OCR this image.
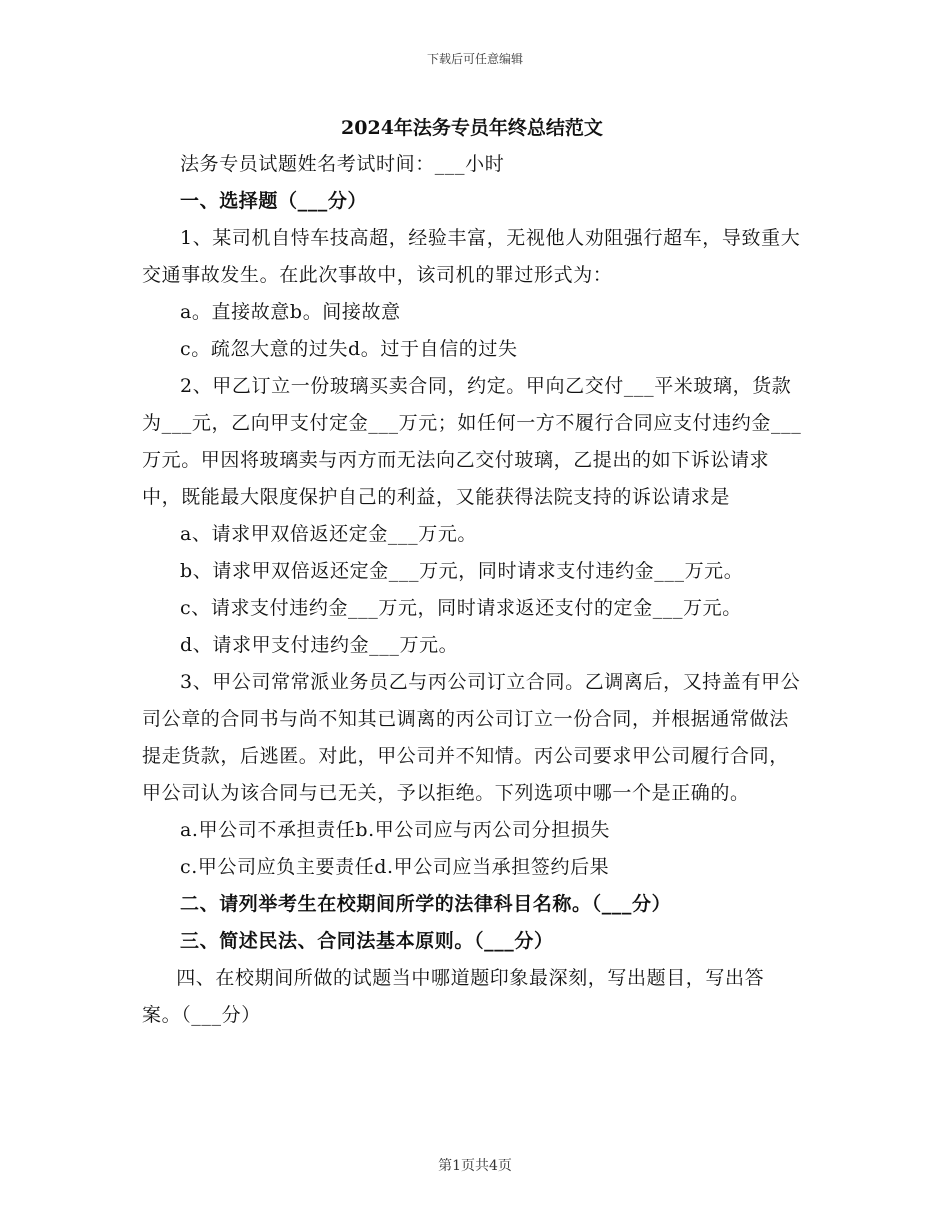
下载后可任意编辑
2024年法务专员年终总结范文

法务专员试题姓名考试时间：___小时

一、选择题（___分）

1、某司机自恃车技高超，经验丰富，无视他人劝阻强行超车，导致重大交通事故发生。在此次事故中，该司机的罪过形式为：

a。直接故意b。间接故意

c。疏忽大意的过失d。过于自信的过失

2、甲乙订立一份玻璃买卖合同，约定。甲向乙交付___平米玻璃，货款为___元，乙向甲支付定金___万元；如任何一方不履行合同应支付违约金___万元。甲因将玻璃卖与丙方而无法向乙交付玻璃，乙提出的如下诉讼请求中，既能最大限度保护自己的利益，又能获得法院支持的诉讼请求是

a、请求甲双倍返还定金___万元。

b、请求甲双倍返还定金___万元，同时请求支付违约金___万元。

c、请求支付违约金___万元，同时请求返还支付的定金___万元。

d、请求甲支付违约金___万元。

3、甲公司常常派业务员乙与丙公司订立合同。乙调离后，又持盖有甲公司公章的合同书与尚不知其已调离的丙公司订立一份合同，并根据通常做法提走货款，后逃匿。对此，甲公司并不知情。丙公司要求甲公司履行合同，甲公司认为该合同与已无关，予以拒绝。下列选项中哪一个是正确的。

a.甲公司不承担责任b.甲公司应与丙公司分担损失

c.甲公司应负主要责任d.甲公司应当承担签约后果

二、请列举考生在校期间所学的法律科目名称。（___分）

三、简述民法、合同法基本原则。（___分）

四、在校期间所做的试题当中哪道题印象最深刻，写出题目，写出答案。（___分）

第1页共4页
